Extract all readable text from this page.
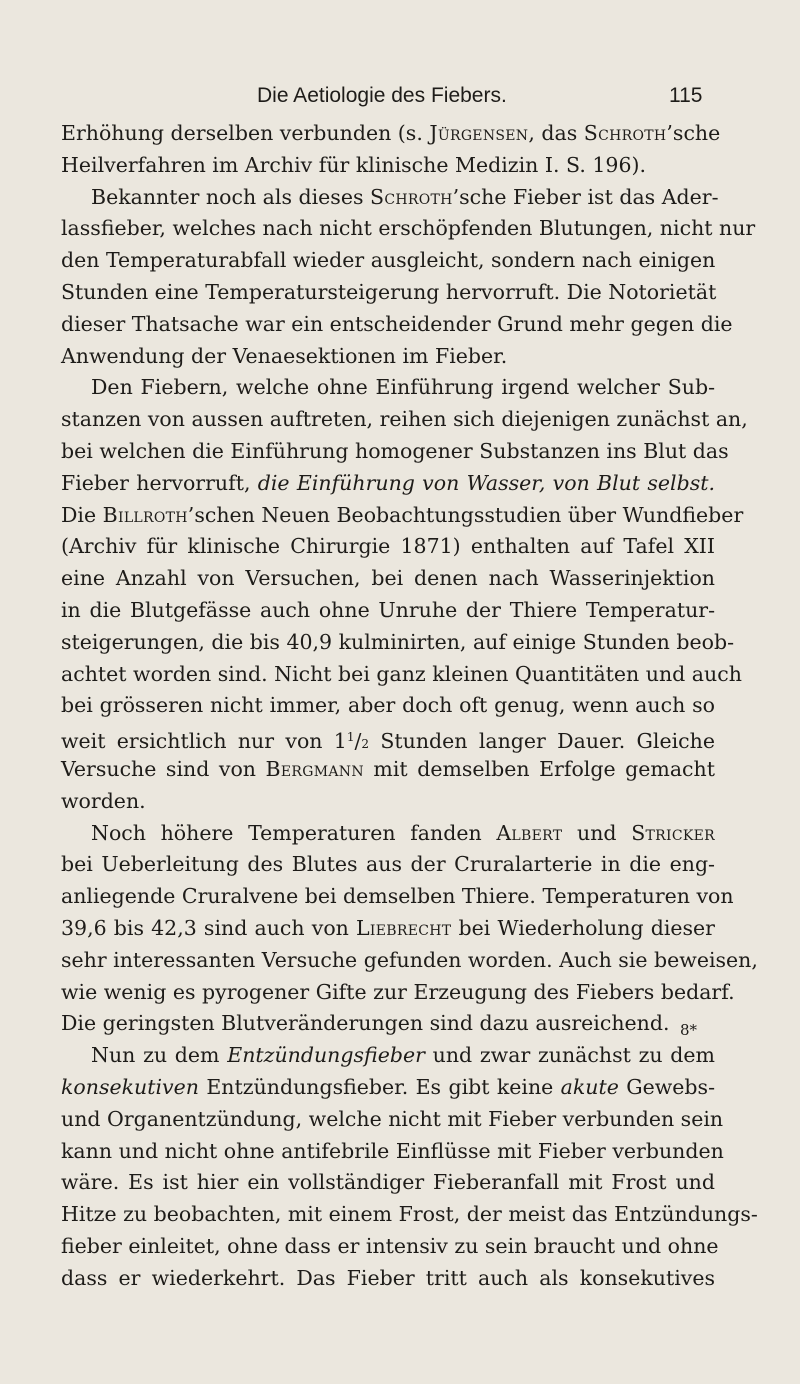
Die Aetiologie des Fiebers.	115
Erhöhung derselben verbunden (s. Jürgensen, das Schroth’sche
Heilverfahren im Archiv für klinische Medizin I. S. 196).
Bekannter noch als dieses Schroth’sche Fieber ist das Ader-
lassfieber, welches nach nicht erschöpfenden Blutungen, nicht nur
den Temperaturabfall wieder ausgleicht, sondern nach einigen
Stunden eine Temperatursteigerung hervorruft. Die Notorietät
dieser Thatsache war ein entscheidender Grund mehr gegen die
Anwendung der Venaesektionen im Fieber.
Den Fiebern, welche ohne Einführung irgend welcher Sub-
stanzen von aussen auftreten, reihen sich diejenigen zunächst an,
bei welchen die Einführung homogener Substanzen ins Blut das
Fieber hervorruft, die Einführung von Wasser, von Blut selbst.
Die Billroth’schen Neuen Beobachtungsstudien über Wundfieber
(Archiv für klinische Chirurgie 1871) enthalten auf Tafel XII
eine Anzahl von Versuchen, bei denen nach Wasserinjektion
in die Blutgefässe auch ohne Unruhe der Thiere Temperatur-
steigerungen, die bis 40,9 kulminirten, auf einige Stunden beob-
achtet worden sind. Nicht bei ganz kleinen Quantitäten und auch
bei grösseren nicht immer, aber doch oft genug, wenn auch so
weit ersichtlich nur von $1^1/2$ Stunden langer Dauer. Gleiche
Versuche sind von Bergmann mit demselben Erfolge gemacht
worden.
Noch höhere Temperaturen fanden Albert und Stricker
bei Ueberleitung des Blutes aus der Cruralarterie in die eng-
anliegende Cruralvene bei demselben Thiere. Temperaturen von
39,6 bis 42,3 sind auch von Liebrecht bei Wiederholung dieser
sehr interessanten Versuche gefunden worden. Auch sie beweisen,
wie wenig es pyrogener Gifte zur Erzeugung des Fiebers bedarf.
Die geringsten Blutveränderungen sind dazu ausreichend.
Nun zu dem Entzündungsfieber und zwar zunächst zu dem
konsekutiven Entzündungsfieber. Es gibt keine akute Gewebs-
und Organentzündung, welche nicht mit Fieber verbunden sein
kann und nicht ohne antifebrile Einflüsse mit Fieber verbunden
wäre. Es ist hier ein vollständiger Fieberanfall mit Frost und
Hitze zu beobachten, mit einem Frost, der meist das Entzündungs-
fieber einleitet, ohne dass er intensiv zu sein braucht und ohne
dass er wiederkehrt. Das Fieber tritt auch als konsekutives
8*
